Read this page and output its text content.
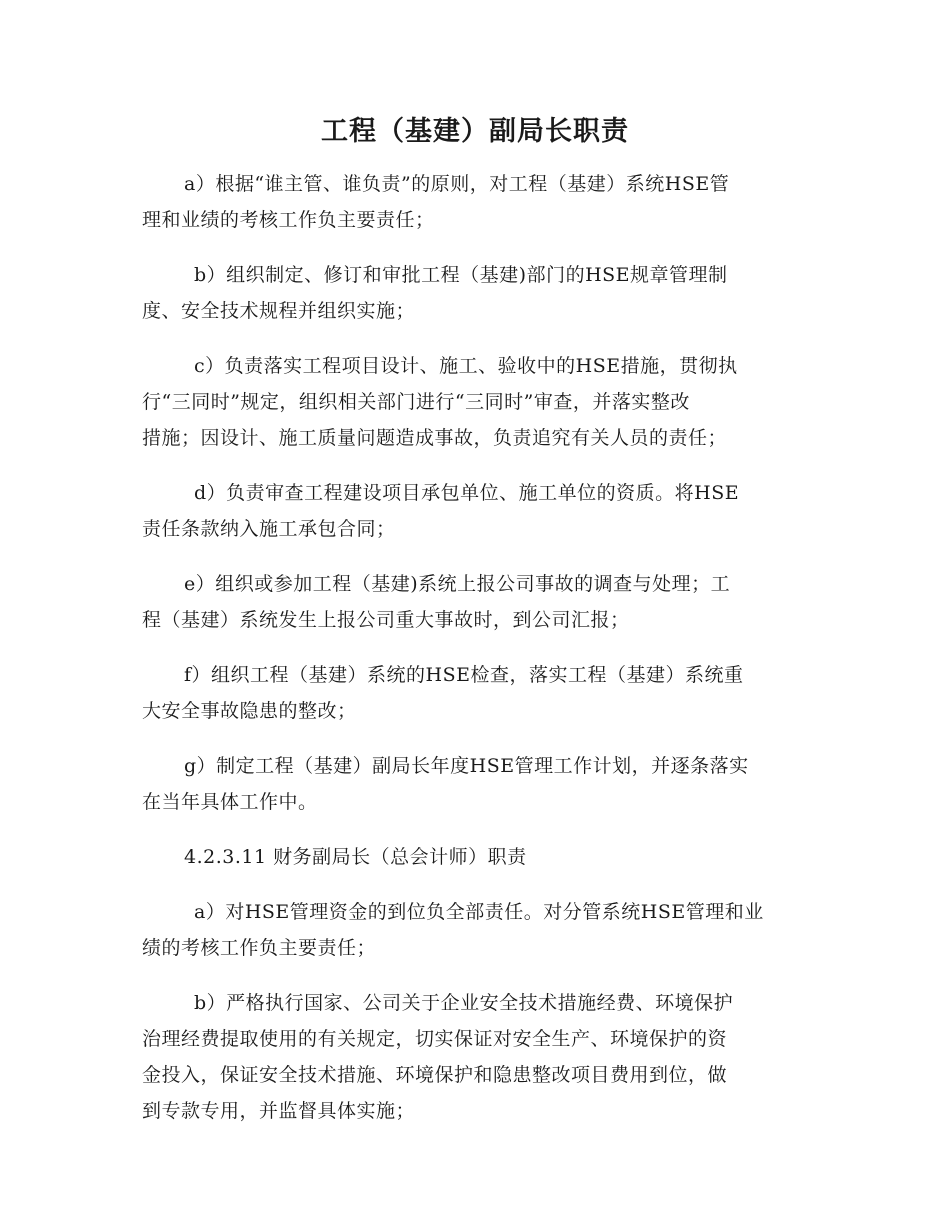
工程（基建）副局长职责
a）根据“谁主管、谁负责”的原则，对工程（基建）系统HSE管
理和业绩的考核工作负主要责任；
b）组织制定、修订和审批工程（基建)部门的HSE规章管理制
度、安全技术规程并组织实施；
c）负责落实工程项目设计、施工、验收中的HSE措施，贯彻执
行“三同时”规定，组织相关部门进行“三同时”审查，并落实整改
措施；因设计、施工质量问题造成事故，负责追究有关人员的责任；
d）负责审查工程建设项目承包单位、施工单位的资质。将HSE
责任条款纳入施工承包合同；
e）组织或参加工程（基建)系统上报公司事故的调查与处理；工
程（基建）系统发生上报公司重大事故时，到公司汇报；
f）组织工程（基建）系统的HSE检查，落实工程（基建）系统重
大安全事故隐患的整改；
g）制定工程（基建）副局长年度HSE管理工作计划，并逐条落实
在当年具体工作中。
4.2.3.11 财务副局长（总会计师）职责
a）对HSE管理资金的到位负全部责任。对分管系统HSE管理和业
绩的考核工作负主要责任；
b）严格执行国家、公司关于企业安全技术措施经费、环境保护
治理经费提取使用的有关规定，切实保证对安全生产、环境保护的资
金投入，保证安全技术措施、环境保护和隐患整改项目费用到位，做
到专款专用，并监督具体实施；
